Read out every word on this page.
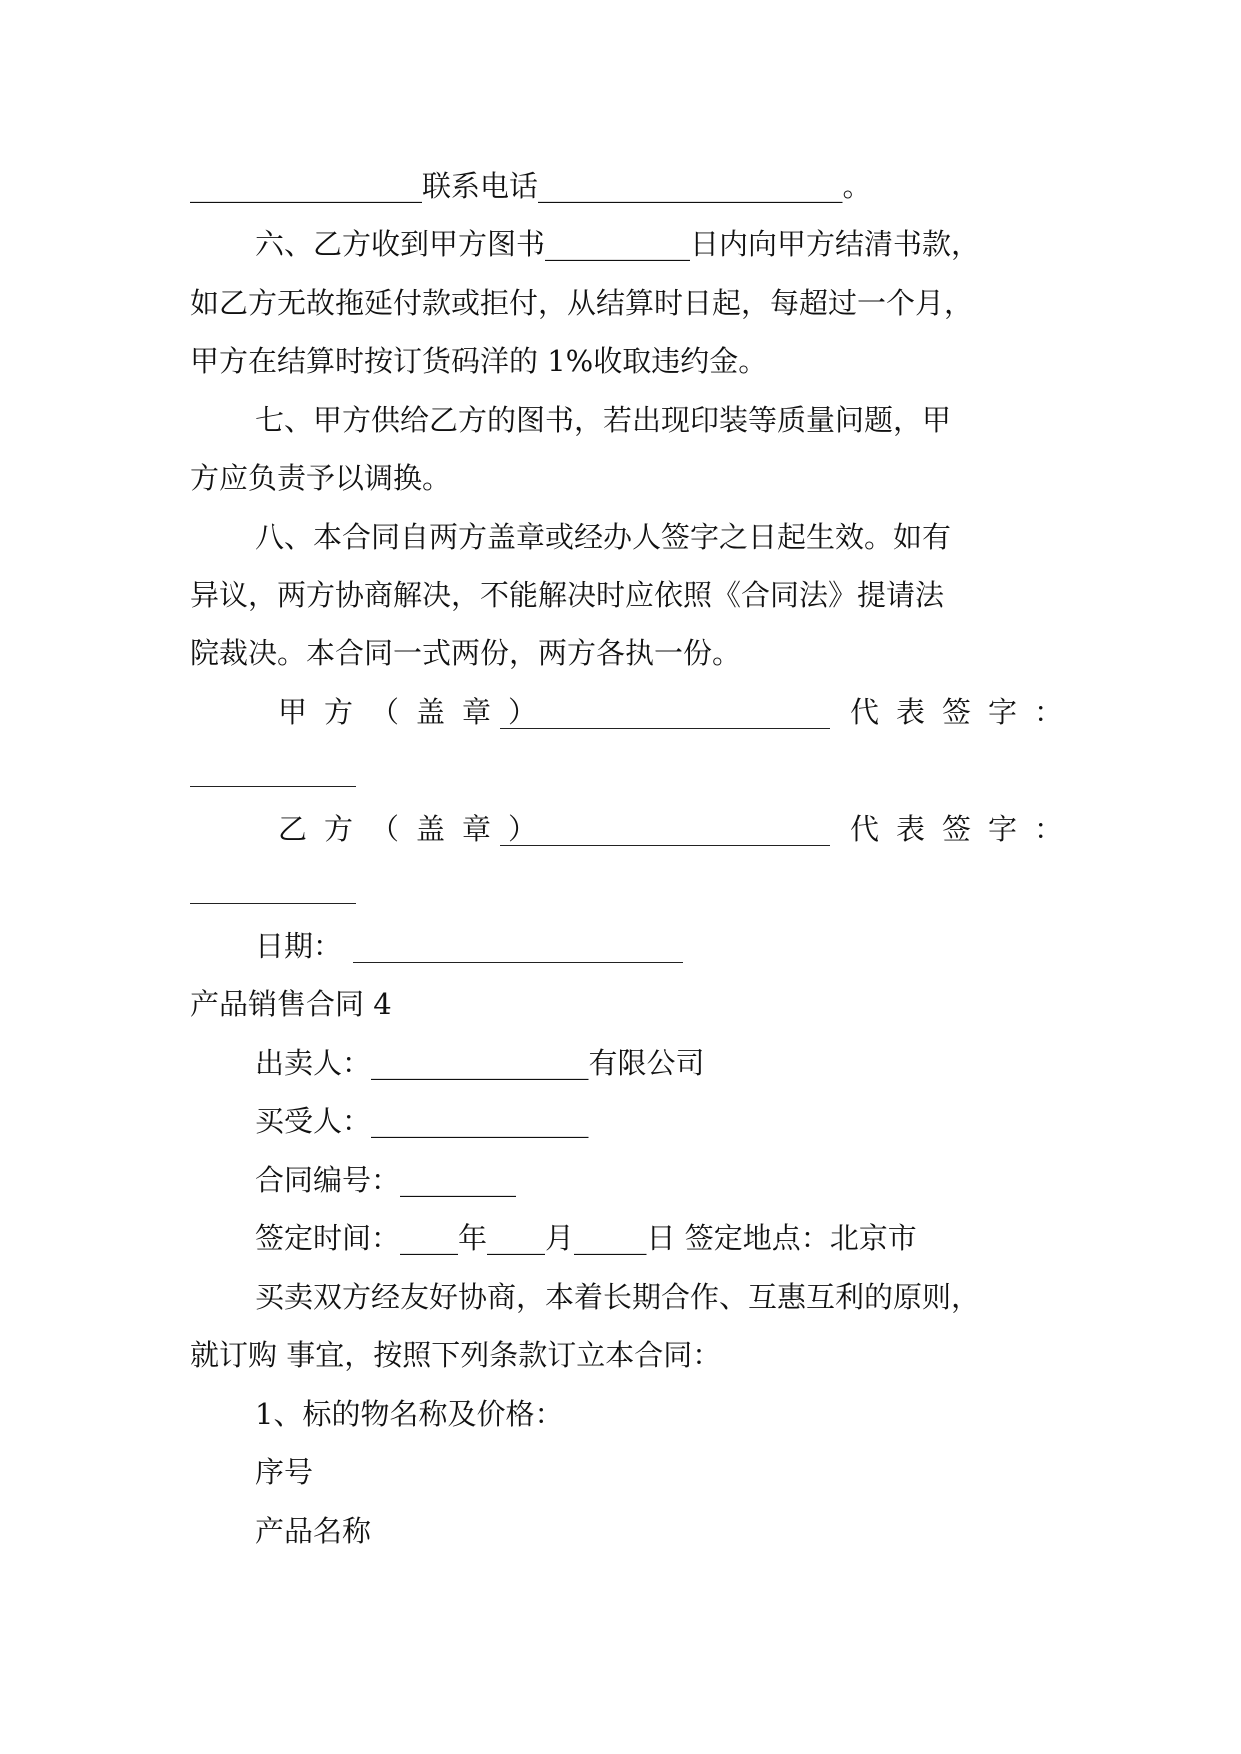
________________联系电话_____________________。
六、乙方收到甲方图书__________日内向甲方结清书款，
如乙方无故拖延付款或拒付，从结算时日起，每超过一个月，
甲方在结算时按订货码洋的 1%收取违约金。
七、甲方供给乙方的图书，若出现印装等质量问题，甲
方应负责予以调换。
八、本合同自两方盖章或经办人签字之日起生效。如有
异议，两方协商解决，不能解决时应依照《合同法》提请法
院裁决。本合同一式两份，两方各执一份。
甲方（盖章）	代表签字：
乙方（盖章）	代表签字：
日期：
产品销售合同 4
出卖人：_______________有限公司
买受人：_______________
合同编号：________
签定时间：____年____月_____日 签定地点：北京市
买卖双方经友好协商，本着长期合作、互惠互利的原则，
就订购 事宜，按照下列条款订立本合同：
1、标的物名称及价格：
序号
产品名称
